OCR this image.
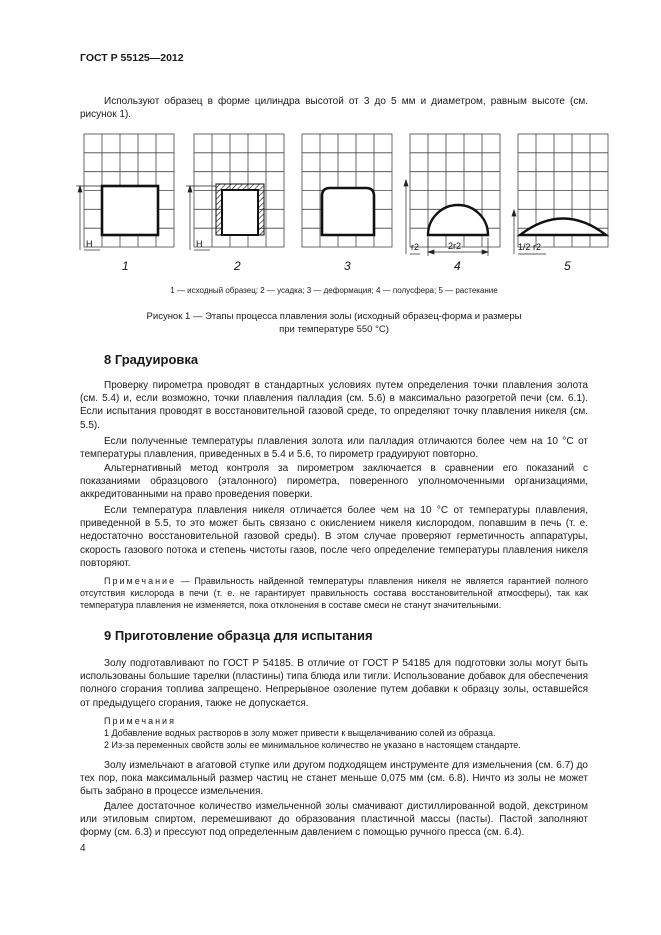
ГОСТ Р 55125—2012

Используют образец в форме цилиндра высотой от 3 до 5 мм и диаметром, равным высоте (см. рисунок 1).

H
1
H
2	3
r2	2r2
4
1/2 r2
5
1 — исходный образец; 2 — усадка; 3 — деформация; 4 — полусфера; 5 — растекание
Рисунок 1 — Этапы процесса плавления золы (исходный образец-форма и размеры
при температуре 550 °С)
8 Градуировка

Проверку пирометра проводят в стандартных условиях путем определения точки плавления золота (см. 5.4) и, если возможно, точки плавления палладия (см. 5.6) в максимально разогретой печи (см. 6.1). Если испытания проводят в восстановительной газовой среде, то определяют точку плавления никеля (см. 5.5).

Если полученные температуры плавления золота или палладия отличаются более чем на 10 °С от температуры плавления, приведенных в 5.4 и 5.6, то пирометр градуируют повторно.

Альтернативный метод контроля за пирометром заключается в сравнении его показаний с показаниями образцового (эталонного) пирометра, поверенного уполномоченными организациями, аккредитованными на право проведения поверки.

Если температура плавления никеля отличается более чем на 10 °С от температуры плавления, приведенной в 5.5, то это может быть связано с окислением никеля кислородом, попавшим в печь (т. е. недостаточно восстановительной газовой среды). В этом случае проверяют герметичность аппаратуры, скорость газового потока и степень чистоты газов, после чего определение температуры плавления никеля повторяют.

Примечание — Правильность найденной температуры плавления никеля не является гарантией полного отсутствия кислорода в печи (т. е. не гарантирует правильность состава восстановительной атмосферы), так как температура плавления не изменяется, пока отклонения в составе смеси не станут значительными.

9 Приготовление образца для испытания

Золу подготавливают по ГОСТ Р 54185. В отличие от ГОСТ Р 54185 для подготовки золы могут быть использованы большие тарелки (пластины) типа блюда или тигли. Использование добавок для обеспечения полного сгорания топлива запрещено. Непрерывное озоление путем добавки к образцу золы, оставшейся от предыдущего сгорания, также не допускается.

Примечания
1 Добавление водных растворов в золу может привести к выщелачиванию солей из образца.
2 Из-за переменных свойств золы ее минимальное количество не указано в настоящем стандарте.

Золу измельчают в агатовой ступке или другом подходящем инструменте для измельчения (см. 6.7) до тех пор, пока максимальный размер частиц не станет меньше 0,075 мм (см. 6.8). Ничто из золы не может быть забрано в процессе измельчения.

Далее достаточное количество измельченной золы смачивают дистиллированной водой, декстрином или этиловым спиртом, перемешивают до образования пластичной массы (пасты). Пастой заполняют форму (см. 6.3) и прессуют под определенным давлением с помощью ручного пресса (см. 6.4).

4
